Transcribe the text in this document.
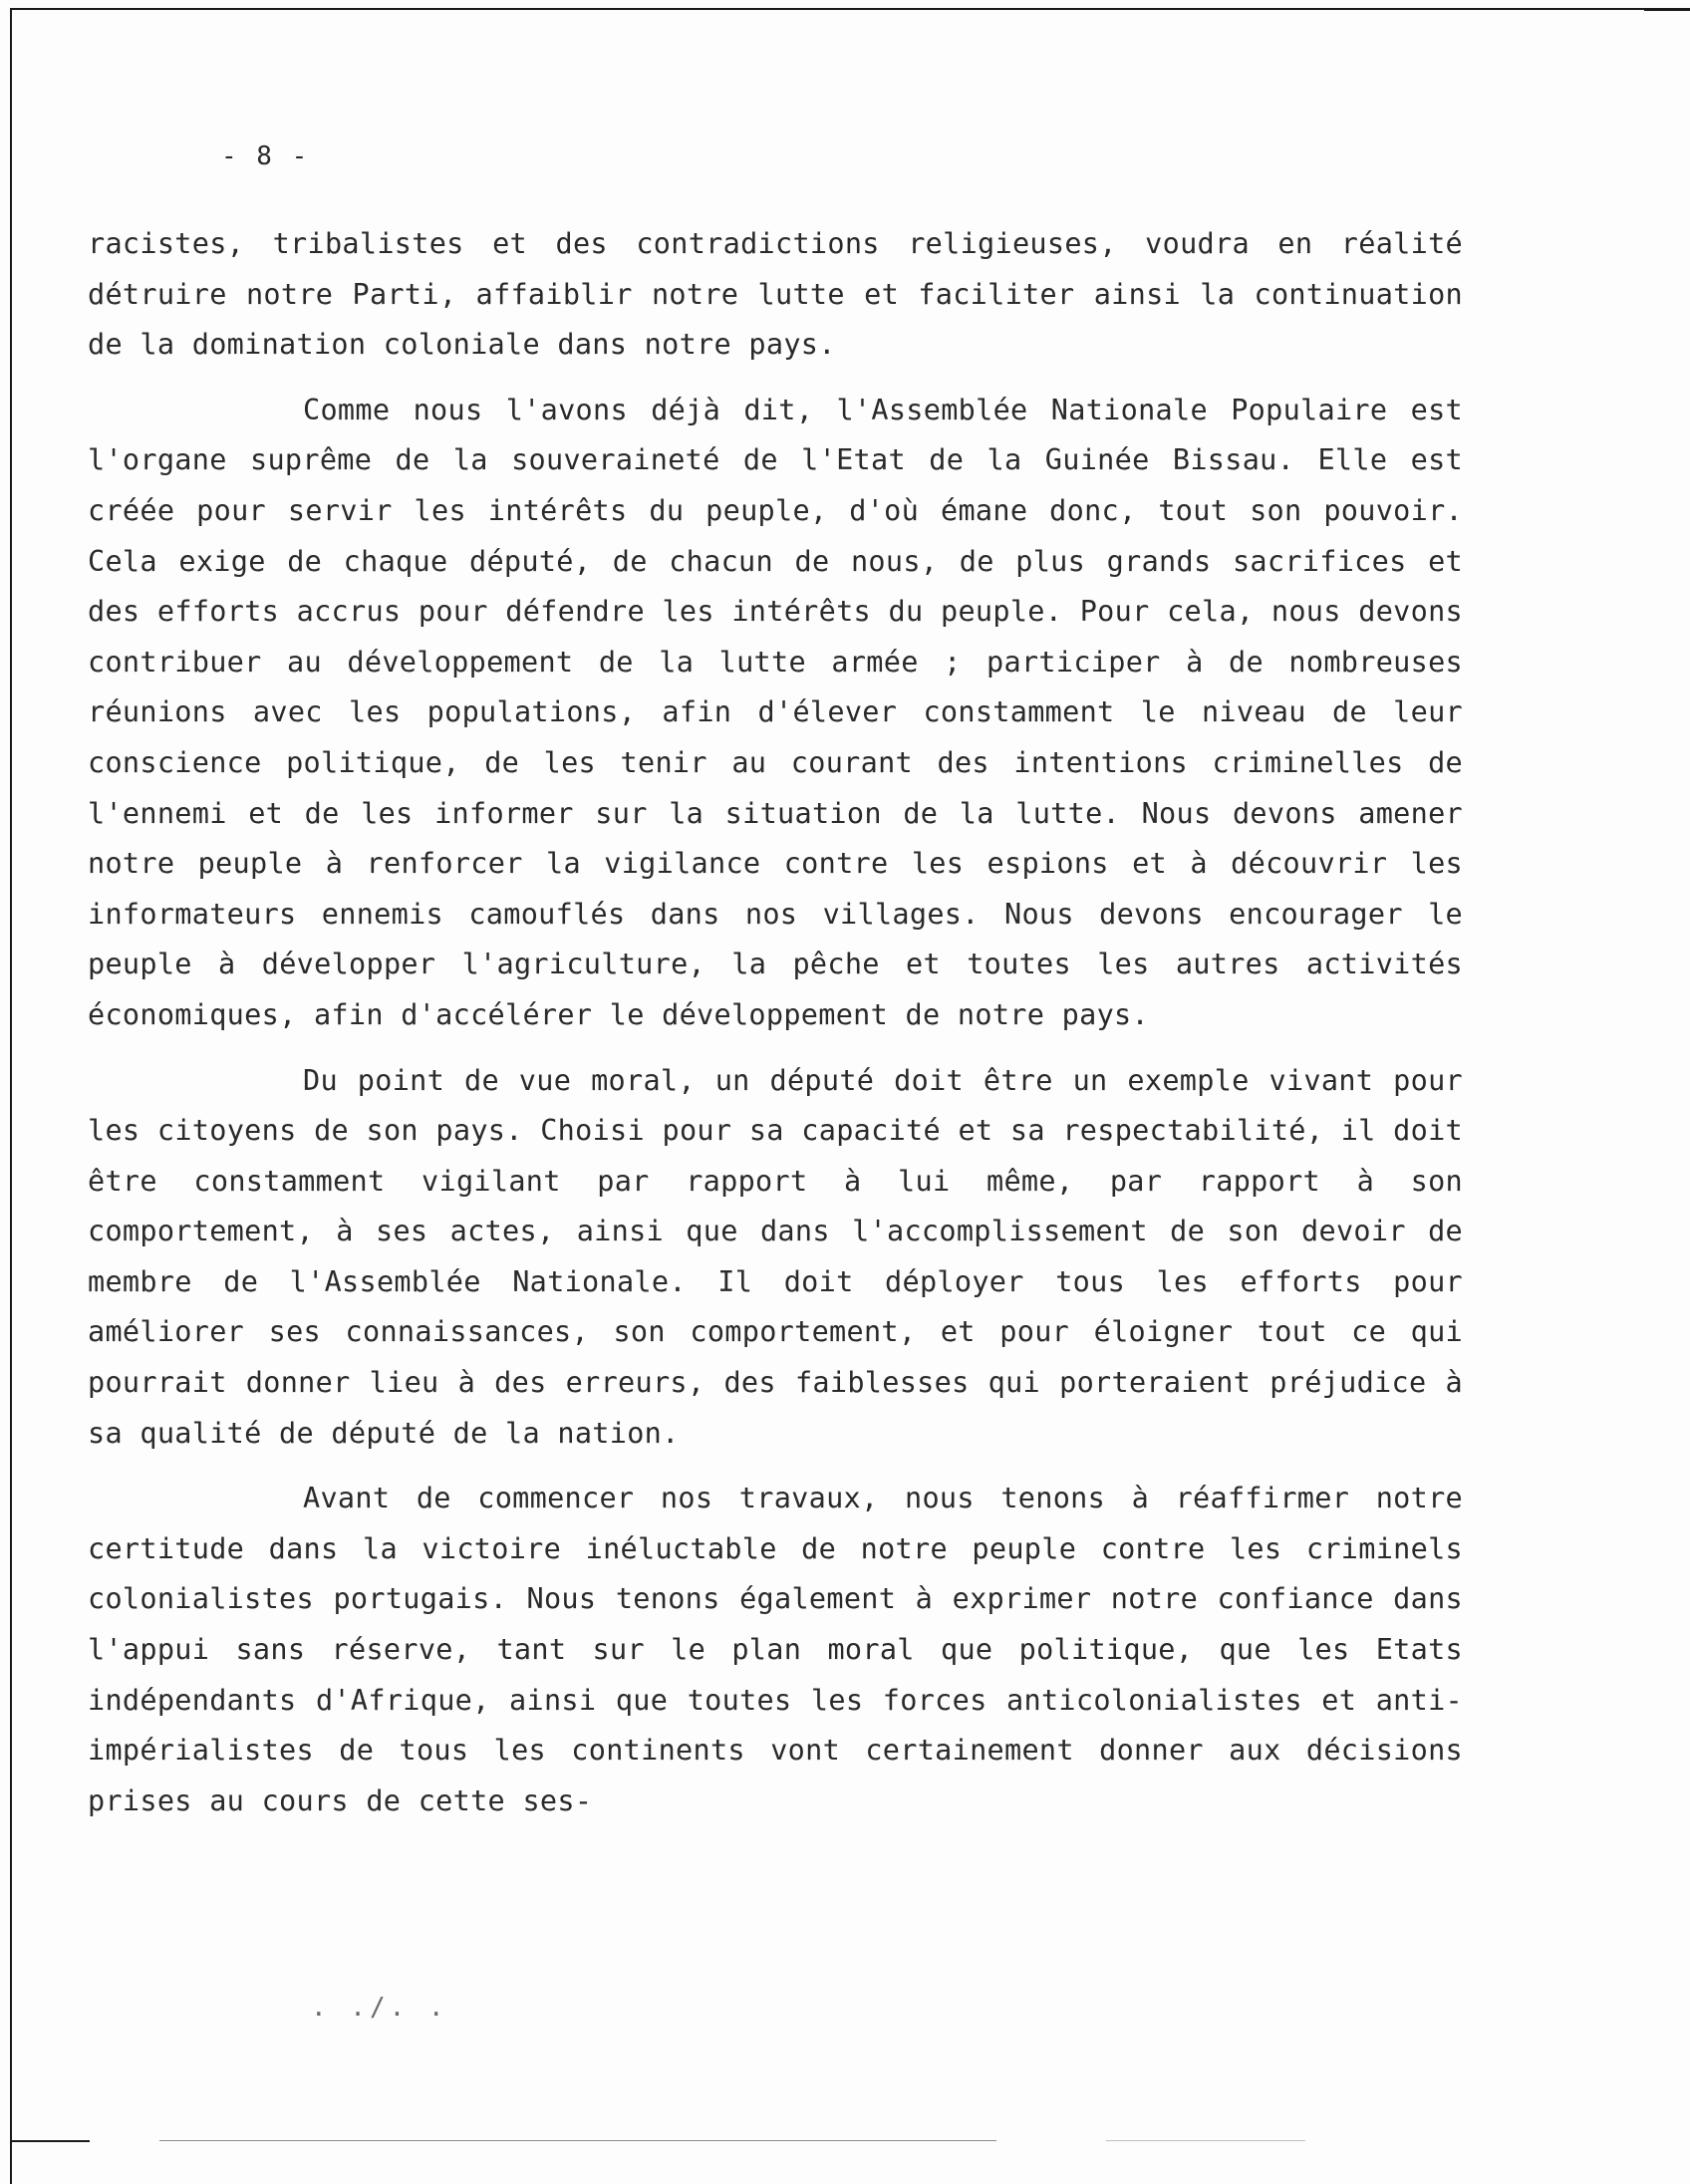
- 8 -

racistes, tribalistes et des contradictions religieuses, voudra en réalité détruire notre Parti, affaiblir notre lutte et faciliter ainsi la continuation de la domination coloniale dans notre pays.

Comme nous l'avons déjà dit, l'Assemblée Nationale Populaire est l'organe suprême de la souveraineté de l'Etat de la Guinée Bissau. Elle est créée pour servir les intérêts du peuple, d'où émane donc, tout son pouvoir. Cela exige de chaque député, de chacun de nous, de plus grands sacrifices et des efforts accrus pour défendre les intérêts du peuple. Pour cela, nous devons contribuer au développement de la lutte armée ; participer à de nombreuses réunions avec les populations, afin d'élever constamment le niveau de leur conscience politique, de les tenir au courant des intentions criminelles de l'ennemi et de les informer sur la situation de la lutte. Nous devons amener notre peuple à renforcer la vigilance contre les espions et à découvrir les informateurs ennemis camouflés dans nos villages. Nous devons encourager le peuple à développer l'agriculture, la pêche et toutes les autres activités économiques, afin d'accélérer le développement de notre pays.

Du point de vue moral, un député doit être un exemple vivant pour les citoyens de son pays. Choisi pour sa capacité et sa respectabilité, il doit être constamment vigilant par rapport à lui même, par rapport à son comportement, à ses actes, ainsi que dans l'accomplissement de son devoir de membre de l'Assemblée Nationale. Il doit déployer tous les efforts pour améliorer ses connaissances, son comportement, et pour éloigner tout ce qui pourrait donner lieu à des erreurs, des faiblesses qui porteraient préjudice à sa qualité de député de la nation.

Avant de commencer nos travaux, nous tenons à réaffirmer notre certitude dans la victoire inéluctable de notre peuple contre les criminels colonialistes portugais. Nous tenons également à exprimer notre confiance dans l'appui sans réserve, tant sur le plan moral que politique, que les Etats indépendants d'Afrique, ainsi que toutes les forces anticolonialistes et anti-impérialistes de tous les continents vont certainement donner aux décisions prises au cours de cette ses-

. ./. .
